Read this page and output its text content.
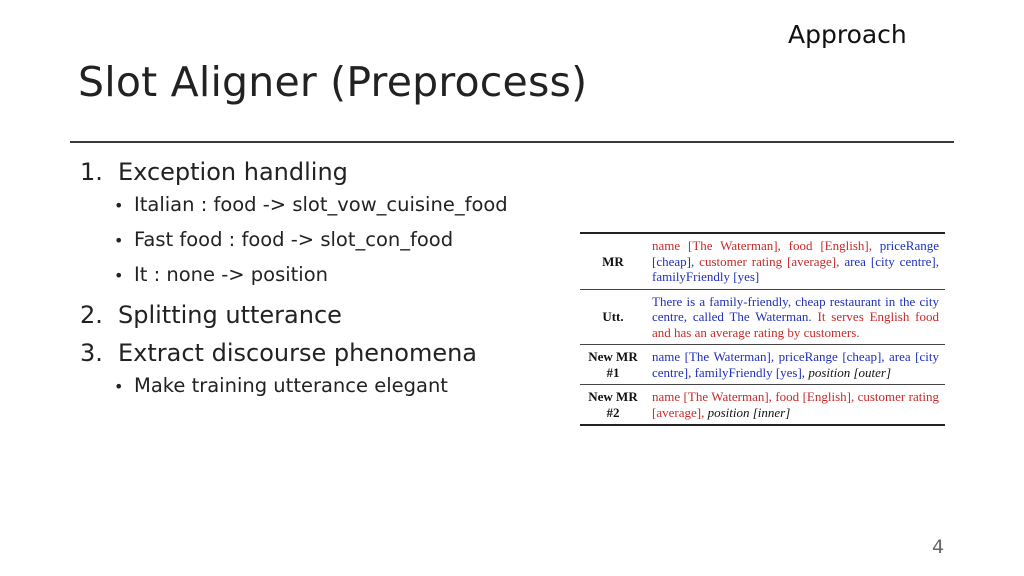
Approach
Slot Aligner (Preprocess)

1. Exception handling

• Italian : food -> slot_vow_cuisine_food

• Fast food : food -> slot_con_food

• It : none -> position

2. Splitting utterance

3. Extract discourse phenomena

• Make training utterance elegant

MR	name [The Waterman], food [English], priceRange [cheap], customer rating [average], area [city centre], familyFriendly [yes]
Utt.	There is a family-friendly, cheap restaurant in the city centre, called The Waterman. It serves English food and has an average rating by customers.
New MR #1	name [The Waterman], priceRange [cheap], area [city centre], familyFriendly [yes], position [outer]
New MR #2	name [The Waterman], food [English], customer rating [average], position [inner]
4
